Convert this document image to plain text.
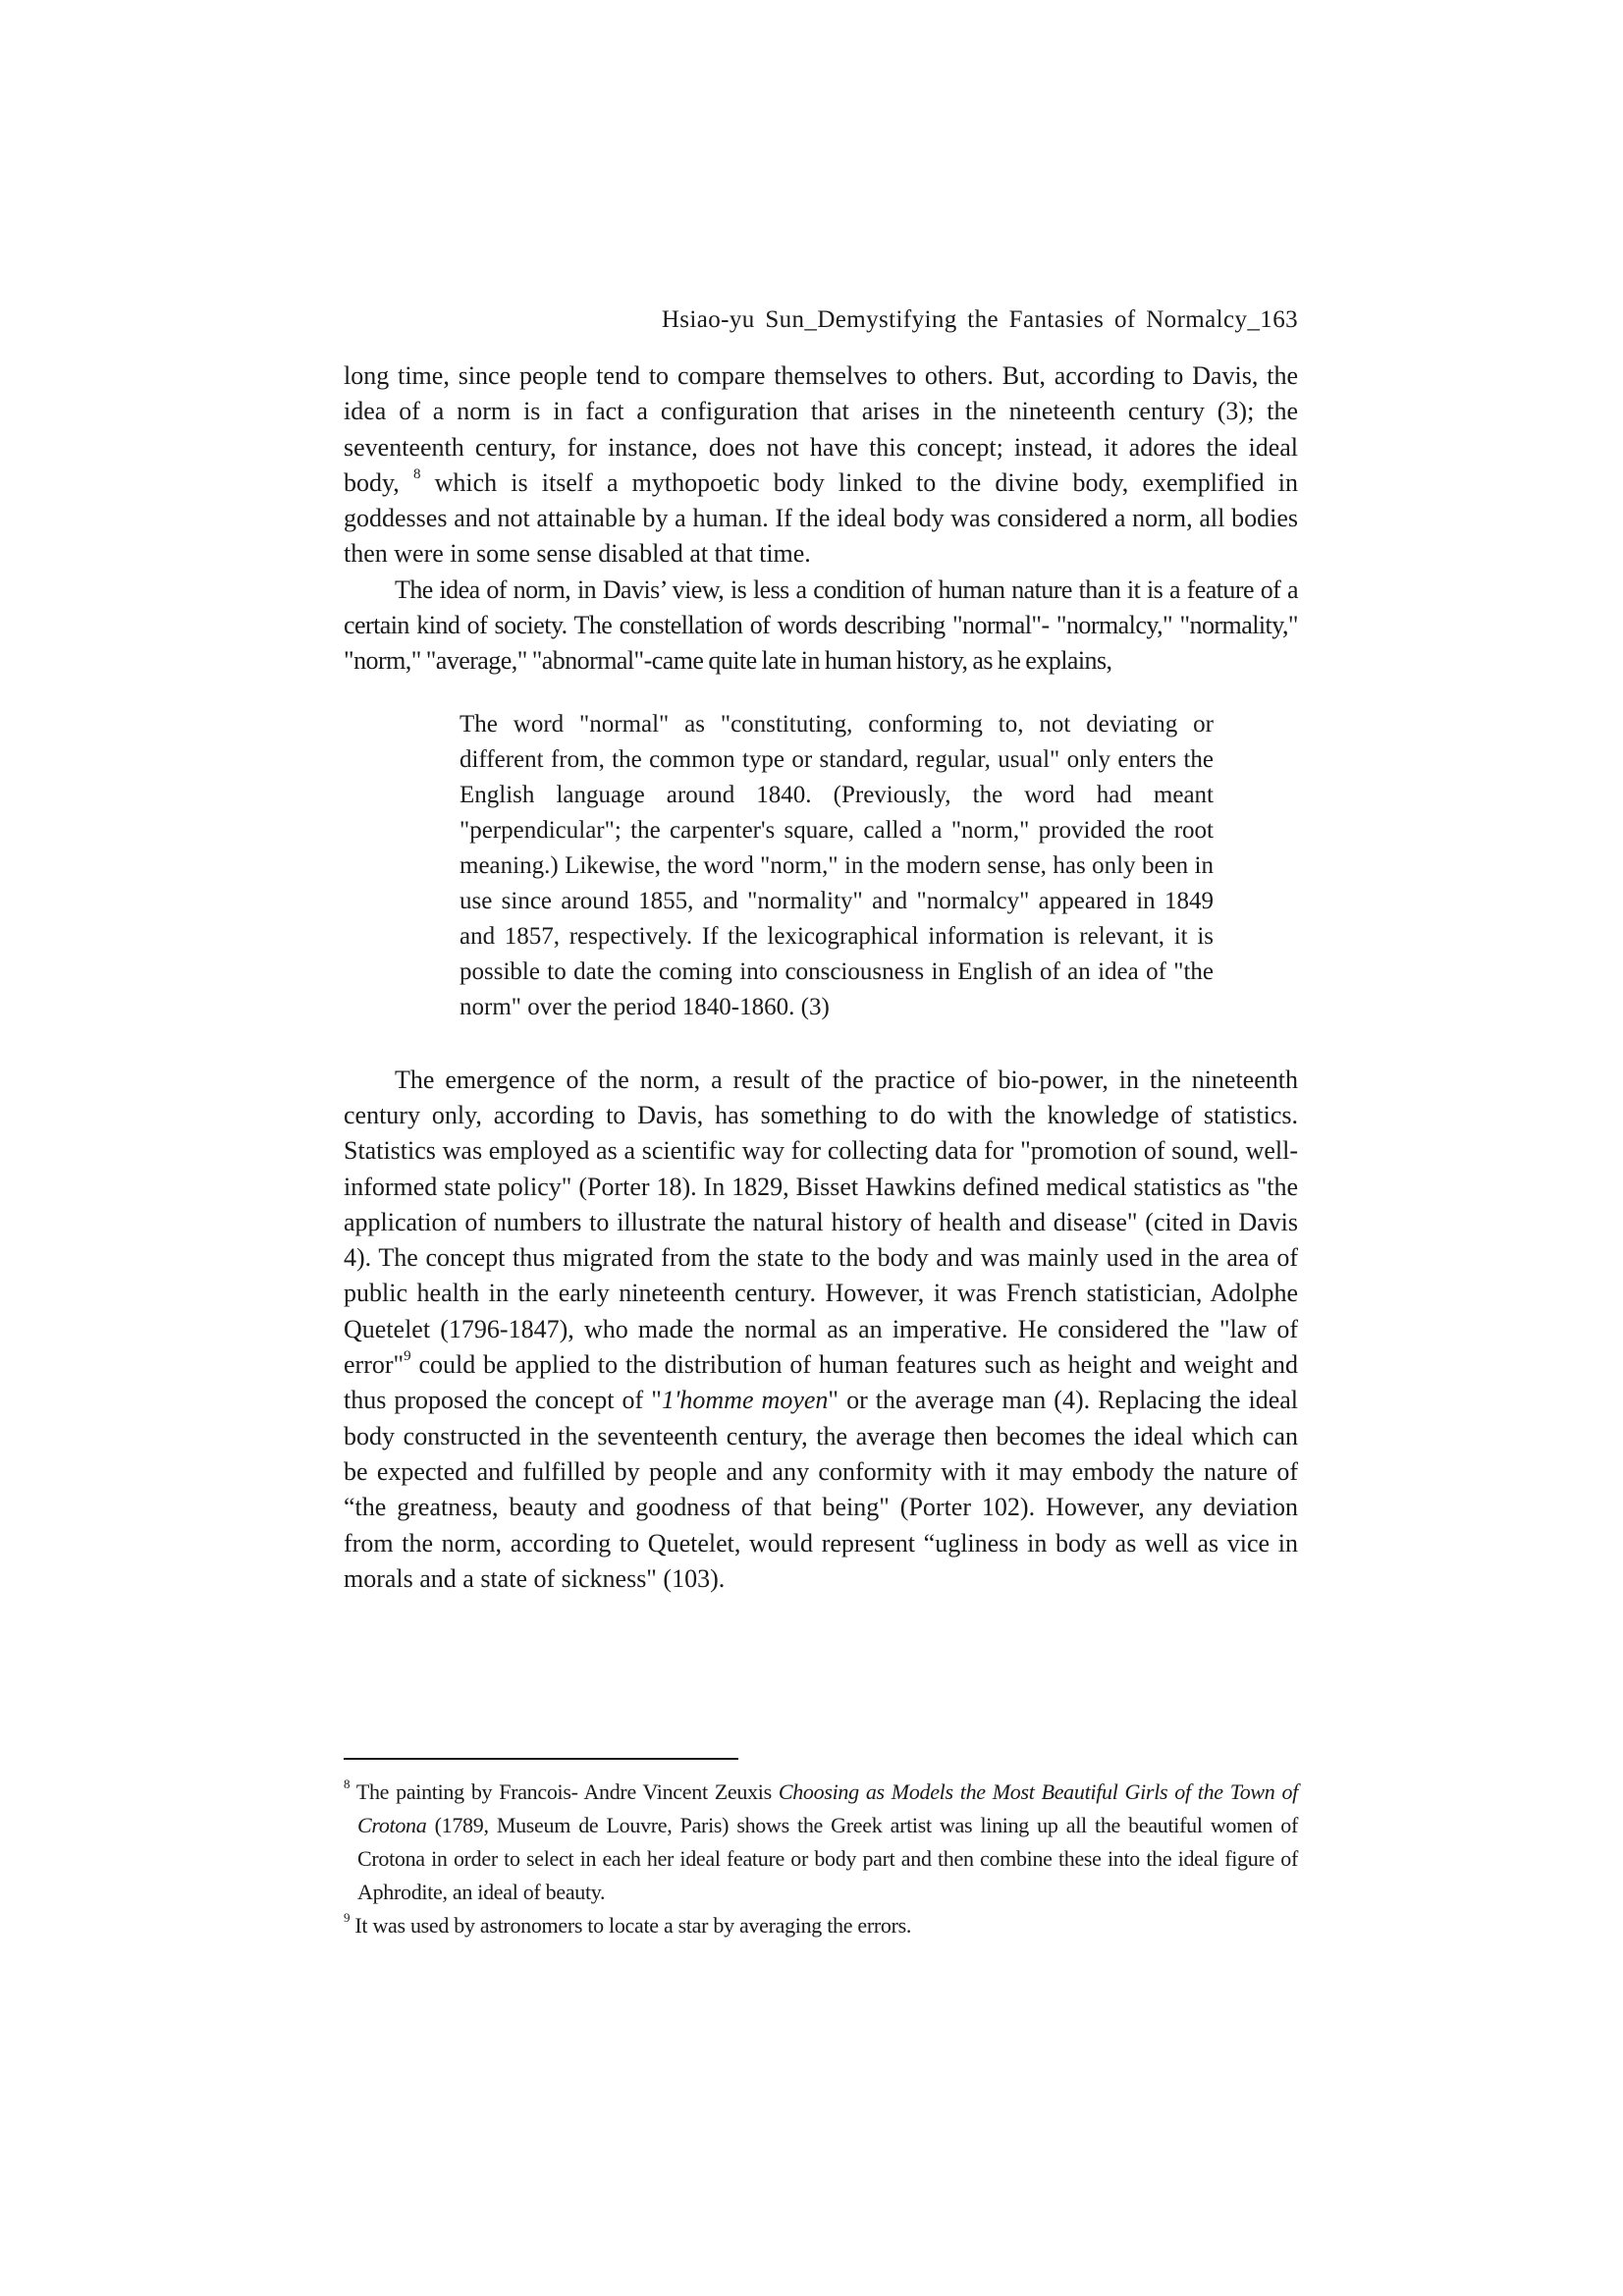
Hsiao-yu Sun_Demystifying the Fantasies of Normalcy_163

long time, since people tend to compare themselves to others. But, according to Davis, the idea of a norm is in fact a configuration that arises in the nineteenth century (3); the seventeenth century, for instance, does not have this concept; instead, it adores the ideal body, $^8$ which is itself a mythopoetic body linked to the divine body, exemplified in goddesses and not attainable by a human. If the ideal body was considered a norm, all bodies then were in some sense disabled at that time.

The idea of norm, in Davis’ view, is less a condition of human nature than it is a feature of a certain kind of society. The constellation of words describing "normal"- "normalcy," "normality," "norm," "average," "abnormal"-came quite late in human history, as he explains,

The word "normal" as "constituting, conforming to, not deviating or different from, the common type or standard, regular, usual" only enters the English language around 1840. (Previously, the word had meant "perpendicular"; the carpenter's square, called a "norm," provided the root meaning.) Likewise, the word "norm," in the modern sense, has only been in use since around 1855, and "normality" and "normalcy" appeared in 1849 and 1857, respectively. If the lexicographical information is relevant, it is possible to date the coming into consciousness in English of an idea of "the norm" over the period 1840-1860. (3)

The emergence of the norm, a result of the practice of bio-power, in the nineteenth century only, according to Davis, has something to do with the knowledge of statistics. Statistics was employed as a scientific way for collecting data for "promotion of sound, well-informed state policy" (Porter 18). In 1829, Bisset Hawkins defined medical statistics as "the application of numbers to illustrate the natural history of health and disease" (cited in Davis 4). The concept thus migrated from the state to the body and was mainly used in the area of public health in the early nineteenth century. However, it was French statistician, Adolphe Quetelet (1796-1847), who made the normal as an imperative. He considered the "law of error"$^9$ could be applied to the distribution of human features such as height and weight and thus proposed the concept of "1'homme moyen" or the average man (4). Replacing the ideal body constructed in the seventeenth century, the average then becomes the ideal which can be expected and fulfilled by people and any conformity with it may embody the nature of “the greatness, beauty and goodness of that being" (Porter 102). However, any deviation from the norm, according to Quetelet, would represent “ugliness in body as well as vice in morals and a state of sickness" (103).

$^8$ The painting by Francois- Andre Vincent Zeuxis Choosing as Models the Most Beautiful Girls of the Town of Crotona (1789, Museum de Louvre, Paris) shows the Greek artist was lining up all the beautiful women of Crotona in order to select in each her ideal feature or body part and then combine these into the ideal figure of Aphrodite, an ideal of beauty.

$^9$ It was used by astronomers to locate a star by averaging the errors.
